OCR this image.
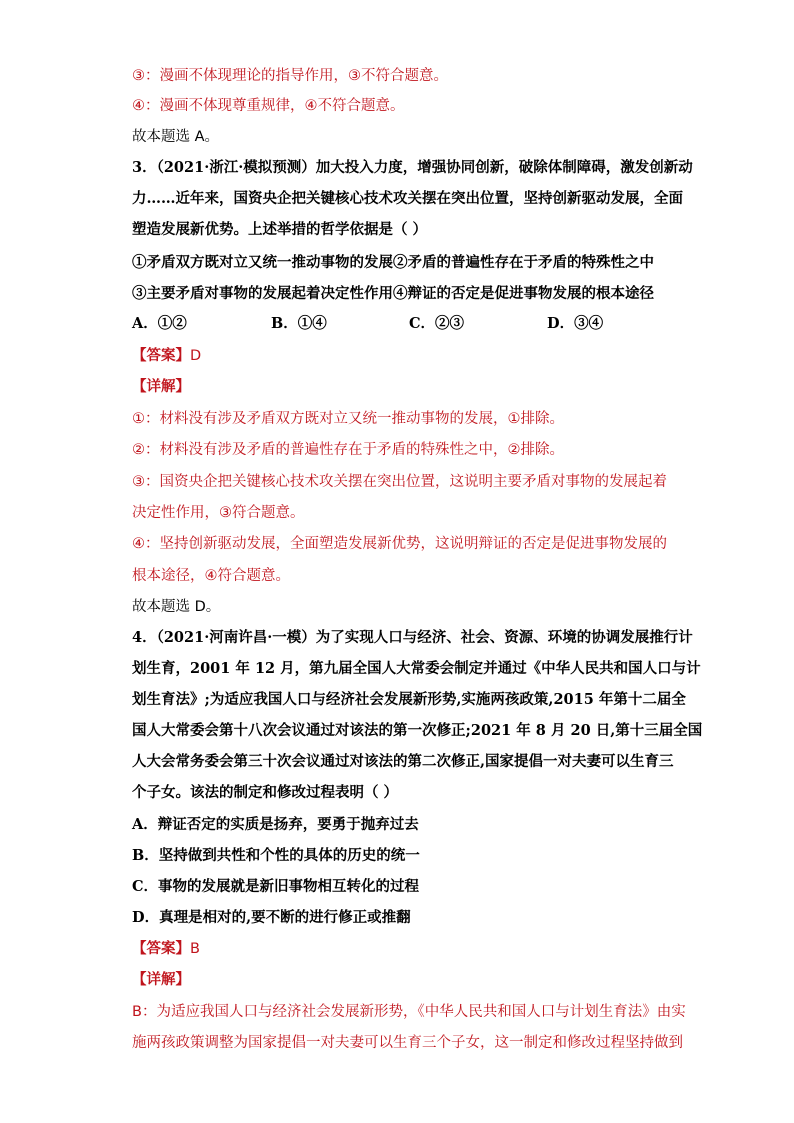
③：漫画不体现理论的指导作用，③不符合题意。
④：漫画不体现尊重规律，④不符合题意。
故本题选 A。
3．（2021·浙江·模拟预测）加大投入力度，增强协同创新，破除体制障碍，激发创新动
力……近年来，国资央企把关键核心技术攻关摆在突出位置，坚持创新驱动发展，全面
塑造发展新优势。上述举措的哲学依据是（ ）
①矛盾双方既对立又统一推动事物的发展②矛盾的普遍性存在于矛盾的特殊性之中
③主要矛盾对事物的发展起着决定性作用④辩证的否定是促进事物发展的根本途径
A．①②	B．①④	C．②③	D．③④
【答案】D
【详解】
①：材料没有涉及矛盾双方既对立又统一推动事物的发展，①排除。
②：材料没有涉及矛盾的普遍性存在于矛盾的特殊性之中，②排除。
③：国资央企把关键核心技术攻关摆在突出位置，这说明主要矛盾对事物的发展起着
决定性作用，③符合题意。
④：坚持创新驱动发展，全面塑造发展新优势，这说明辩证的否定是促进事物发展的
根本途径，④符合题意。
故本题选 D。
4．（2021·河南许昌·一模）为了实现人口与经济、社会、资源、环境的协调发展推行计
划生育，2001 年 12 月，第九届全国人大常委会制定并通过《中华人民共和国人口与计
划生育法》;为适应我国人口与经济社会发展新形势,实施两孩政策,2015 年第十二届全
国人大常委会第十八次会议通过对该法的第一次修正;2021 年 8 月 20 日,第十三届全国
人大会常务委会第三十次会议通过对该法的第二次修正,国家提倡一对夫妻可以生育三
个子女。该法的制定和修改过程表明（ ）
A．辩证否定的实质是扬弃，要勇于抛弃过去
B．坚持做到共性和个性的具体的历史的统一
C．事物的发展就是新旧事物相互转化的过程
D．真理是相对的,要不断的进行修正或推翻
【答案】B
【详解】
B：为适应我国人口与经济社会发展新形势，《中华人民共和国人口与计划生育法》由实
施两孩政策调整为国家提倡一对夫妻可以生育三个子女，这一制定和修改过程坚持做到
